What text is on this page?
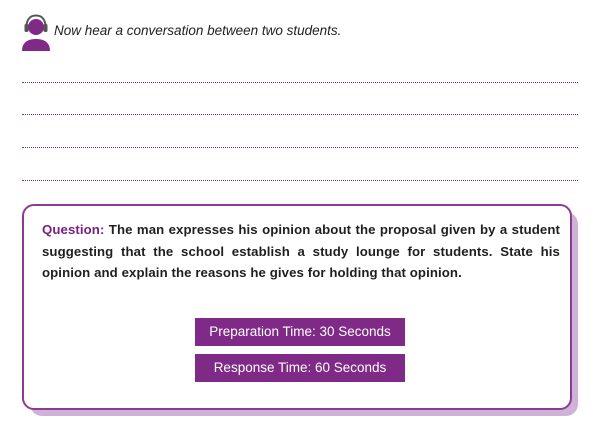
Now hear a conversation between two students.

Question: The man expresses his opinion about the proposal given by a student suggesting that the school establish a study lounge for students. State his opinion and explain the reasons he gives for holding that opinion.

Preparation Time: 30 Seconds
Response Time: 60 Seconds
